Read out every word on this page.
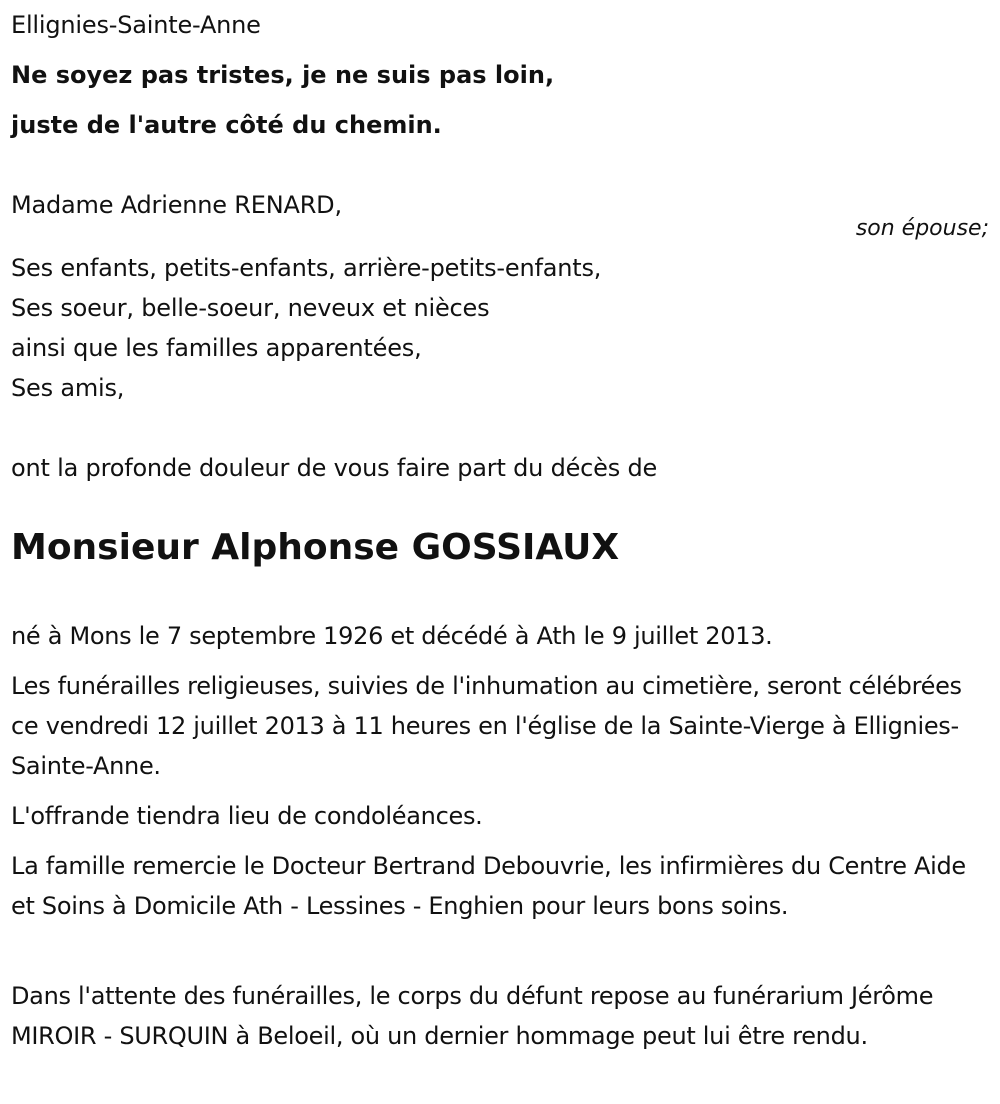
Ellignies-Sainte-Anne
Ne soyez pas tristes, je ne suis pas loin,
juste de l'autre côté du chemin.
Madame Adrienne RENARD,
son épouse;
Ses enfants, petits-enfants, arrière-petits-enfants,
Ses soeur, belle-soeur, neveux et nièces
ainsi que les familles apparentées,
Ses amis,
ont la profonde douleur de vous faire part du décès de
Monsieur Alphonse GOSSIAUX
né à Mons le 7 septembre 1926 et décédé à Ath le 9 juillet 2013.
Les funérailles religieuses, suivies de l'inhumation au cimetière, seront célébrées ce vendredi 12 juillet 2013 à 11 heures en l'église de la Sainte-Vierge à Ellignies-Sainte-Anne.
L'offrande tiendra lieu de condoléances.
La famille remercie le Docteur Bertrand Debouvrie, les infirmières du Centre Aide et Soins à Domicile Ath - Lessines - Enghien pour leurs bons soins.
Dans l'attente des funérailles, le corps du défunt repose au funérarium Jérôme MIROIR - SURQUIN à Beloeil, où un dernier hommage peut lui être rendu.
